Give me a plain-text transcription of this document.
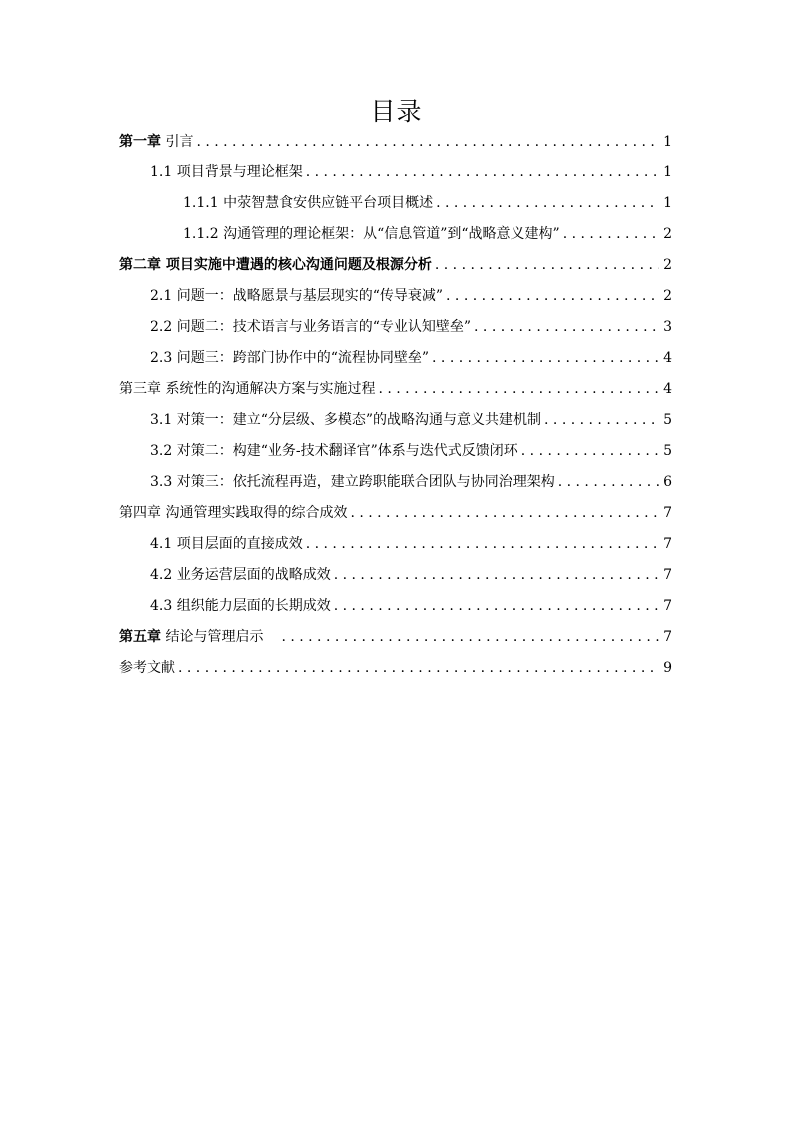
目录
第一章 引言 . . .	1
1.1 项目背景与理论框架 . . .	1
1.1.1 中荥智慧食安供应链平台项目概述 . . .	1
1.1.2 沟通管理的理论框架：从“信息管道”到“战略意义建构” . . .	2
第二章 项目实施中遭遇的核心沟通问题及根源分析 . . .	2
2.1 问题一：战略愿景与基层现实的“传导衰减” . . .	2
2.2 问题二：技术语言与业务语言的“专业认知壁垒” . . .	3
2.3 问题三：跨部门协作中的“流程协同壁垒” . . .	4
第三章 系统性的沟通解决方案与实施过程 . . .	4
3.1 对策一：建立“分层级、多模态”的战略沟通与意义共建机制 . . .	5
3.2 对策二：构建“业务-技术翻译官”体系与迭代式反馈闭环 . . .	5
3.3 对策三：依托流程再造，建立跨职能联合团队与协同治理架构 . . .	6
第四章 沟通管理实践取得的综合成效 . . .	7
4.1 项目层面的直接成效 . . .	7
4.2 业务运营层面的战略成效 . . .	7
4.3 组织能力层面的长期成效 . . .	7
第五章 结论与管理启示 . . .	7
参考文献 . . .	9
